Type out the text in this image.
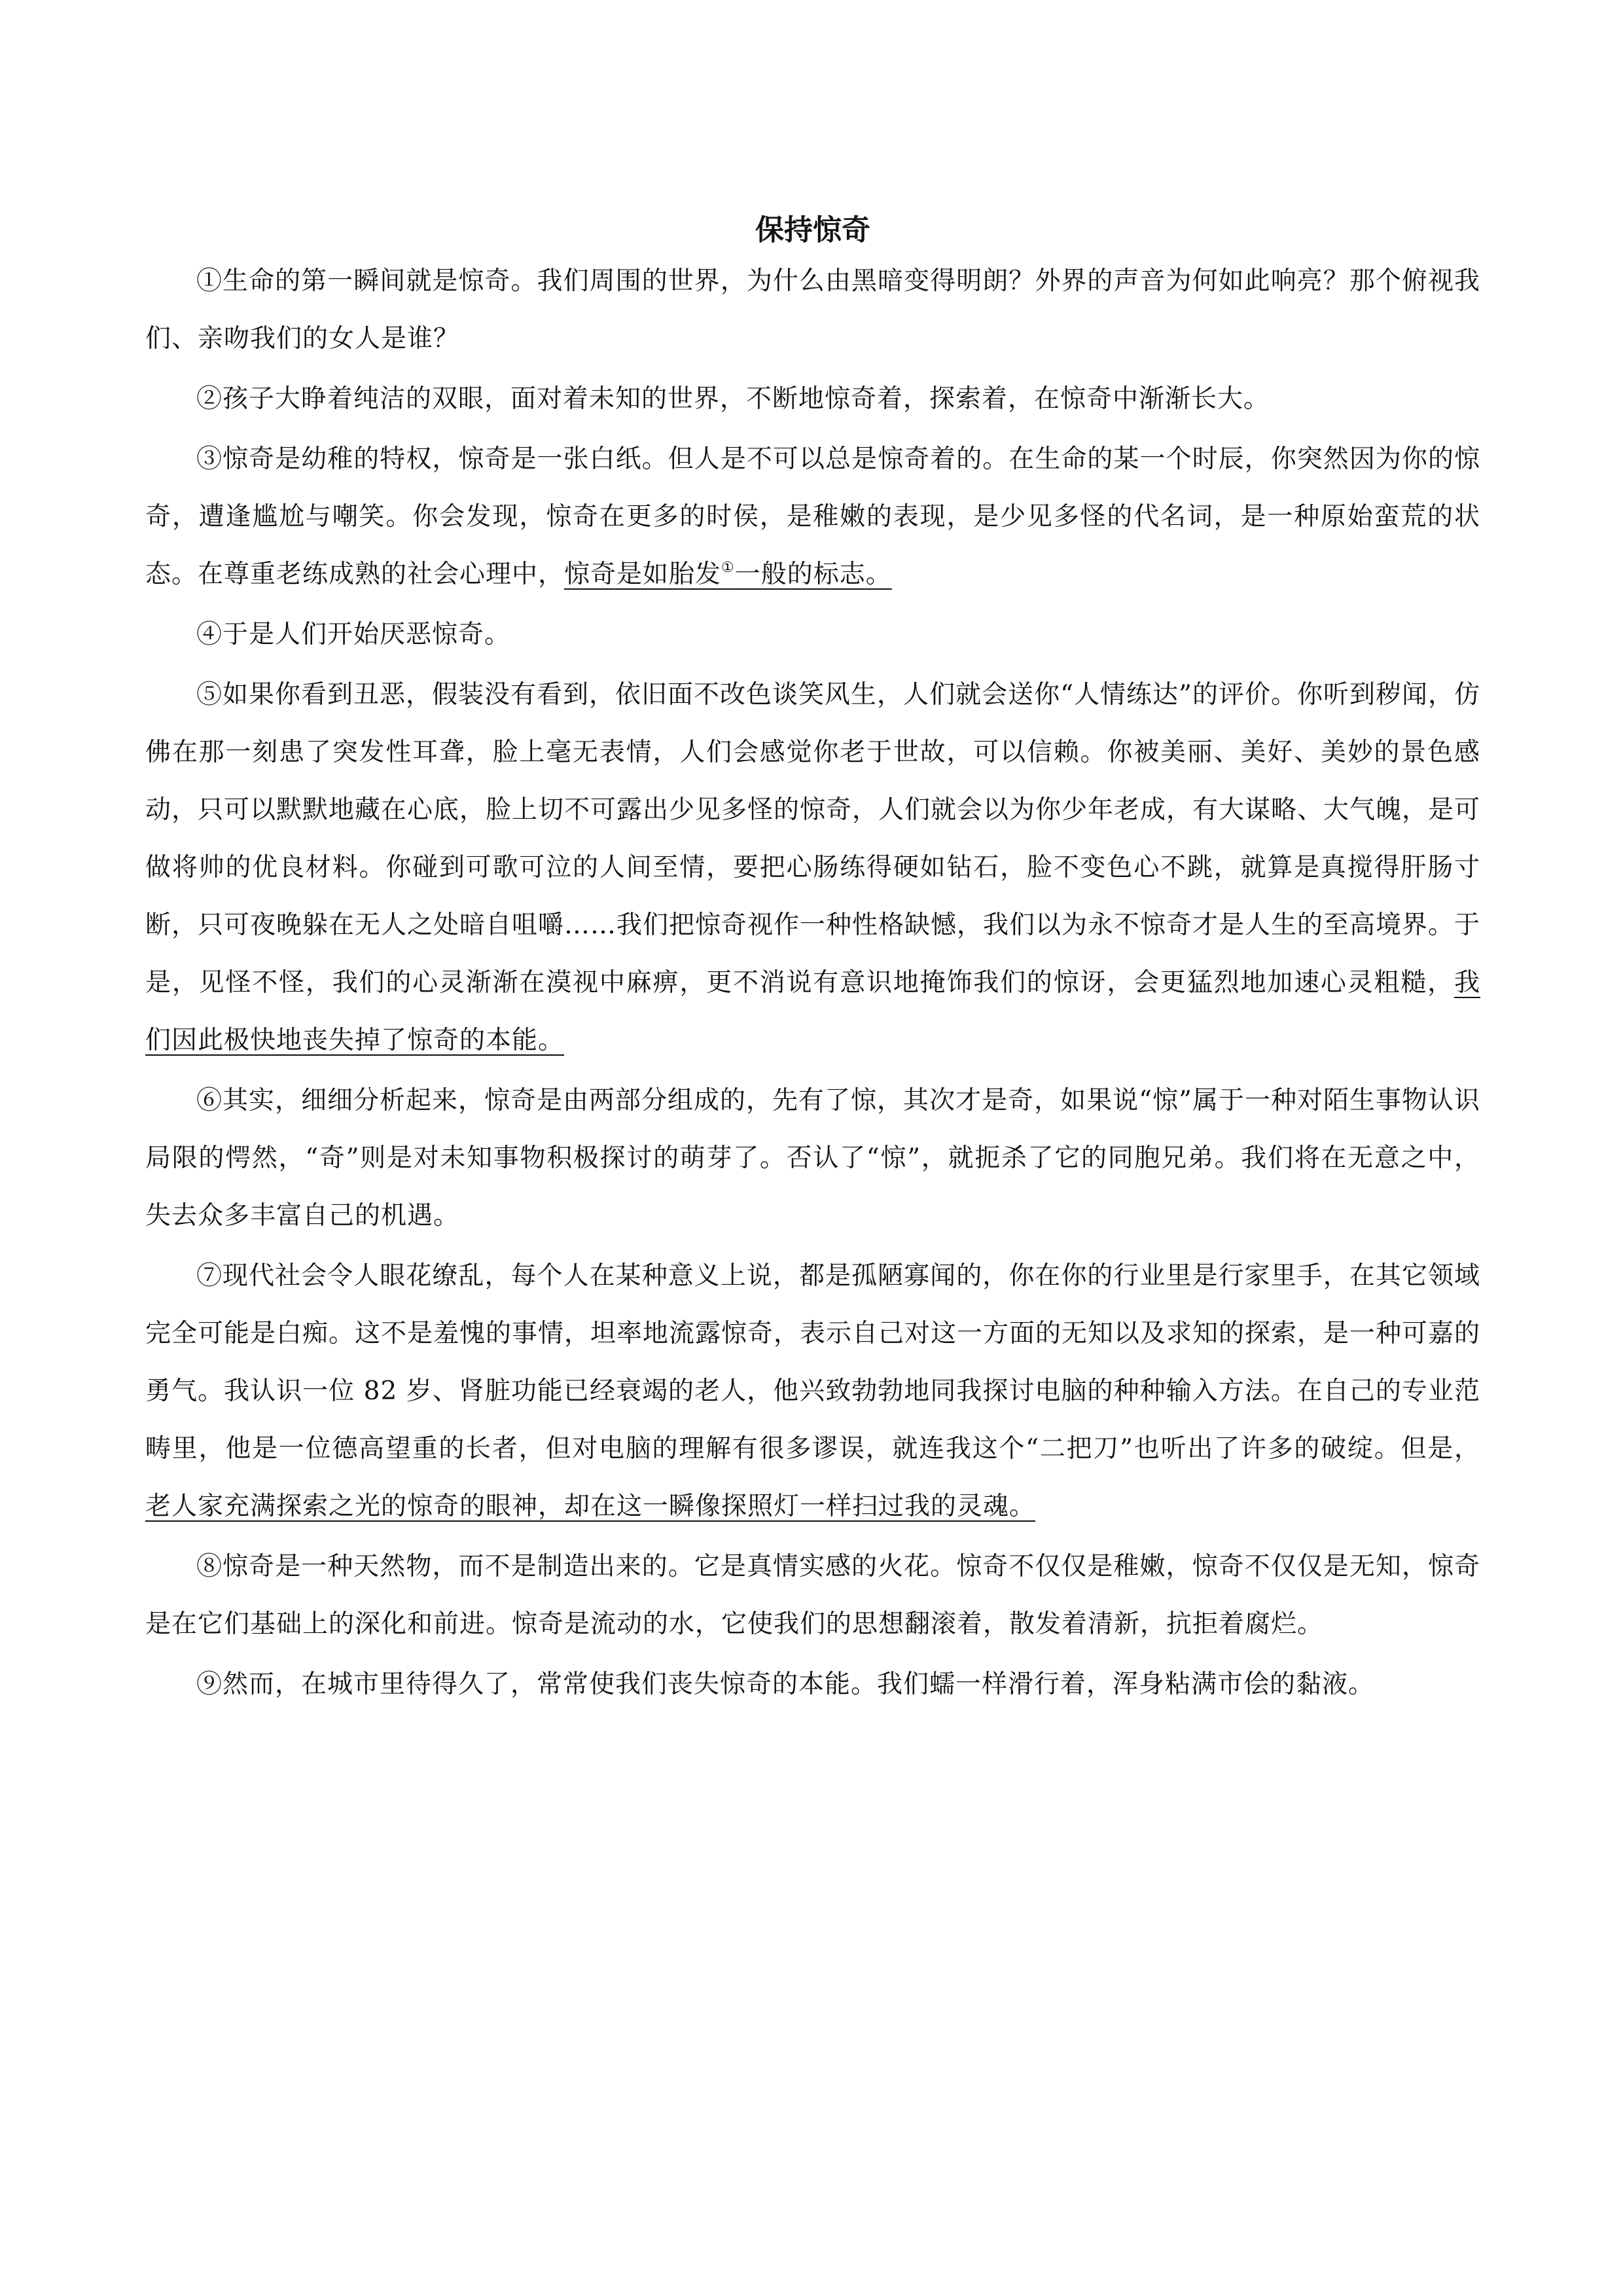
保持惊奇

①生命的第一瞬间就是惊奇。我们周围的世界，为什么由黑暗变得明朗？外界的声音为何如此响亮？那个俯视我们、亲吻我们的女人是谁？

②孩子大睁着纯洁的双眼，面对着未知的世界，不断地惊奇着，探索着，在惊奇中渐渐长大。

③惊奇是幼稚的特权，惊奇是一张白纸。但人是不可以总是惊奇着的。在生命的某一个时辰，你突然因为你的惊奇，遭逢尴尬与嘲笑。你会发现，惊奇在更多的时侯，是稚嫩的表现，是少见多怪的代名词，是一种原始蛮荒的状态。在尊重老练成熟的社会心理中，惊奇是如胎发①一般的标志。

④于是人们开始厌恶惊奇。

⑤如果你看到丑恶，假装没有看到，依旧面不改色谈笑风生，人们就会送你“人情练达”的评价。你听到秽闻，仿佛在那一刻患了突发性耳聋，脸上毫无表情，人们会感觉你老于世故，可以信赖。你被美丽、美好、美妙的景色感动，只可以默默地藏在心底，脸上切不可露出少见多怪的惊奇，人们就会以为你少年老成，有大谋略、大气魄，是可做将帅的优良材料。你碰到可歌可泣的人间至情，要把心肠练得硬如钻石，脸不变色心不跳，就算是真搅得肝肠寸断，只可夜晚躲在无人之处暗自咀嚼……我们把惊奇视作一种性格缺憾，我们以为永不惊奇才是人生的至高境界。于是，见怪不怪，我们的心灵渐渐在漠视中麻痹，更不消说有意识地掩饰我们的惊讶，会更猛烈地加速心灵粗糙，我们因此极快地丧失掉了惊奇的本能。

⑥其实，细细分析起来，惊奇是由两部分组成的，先有了惊，其次才是奇，如果说“惊”属于一种对陌生事物认识局限的愕然，“奇”则是对未知事物积极探讨的萌芽了。否认了“惊”，就扼杀了它的同胞兄弟。我们将在无意之中，失去众多丰富自己的机遇。

⑦现代社会令人眼花缭乱，每个人在某种意义上说，都是孤陋寡闻的，你在你的行业里是行家里手，在其它领域完全可能是白痴。这不是羞愧的事情，坦率地流露惊奇，表示自己对这一方面的无知以及求知的探索，是一种可嘉的勇气。我认识一位 82 岁、肾脏功能已经衰竭的老人，他兴致勃勃地同我探讨电脑的种种输入方法。在自己的专业范畴里，他是一位德高望重的长者，但对电脑的理解有很多谬误，就连我这个“二把刀”也听出了许多的破绽。但是，老人家充满探索之光的惊奇的眼神，却在这一瞬像探照灯一样扫过我的灵魂。

⑧惊奇是一种天然物，而不是制造出来的。它是真情实感的火花。惊奇不仅仅是稚嫩，惊奇不仅仅是无知，惊奇是在它们基础上的深化和前进。惊奇是流动的水，它使我们的思想翻滚着，散发着清新，抗拒着腐烂。

⑨然而，在城市里待得久了，常常使我们丧失惊奇的本能。我们蠕一样滑行着，浑身粘满市侩的黏液。
